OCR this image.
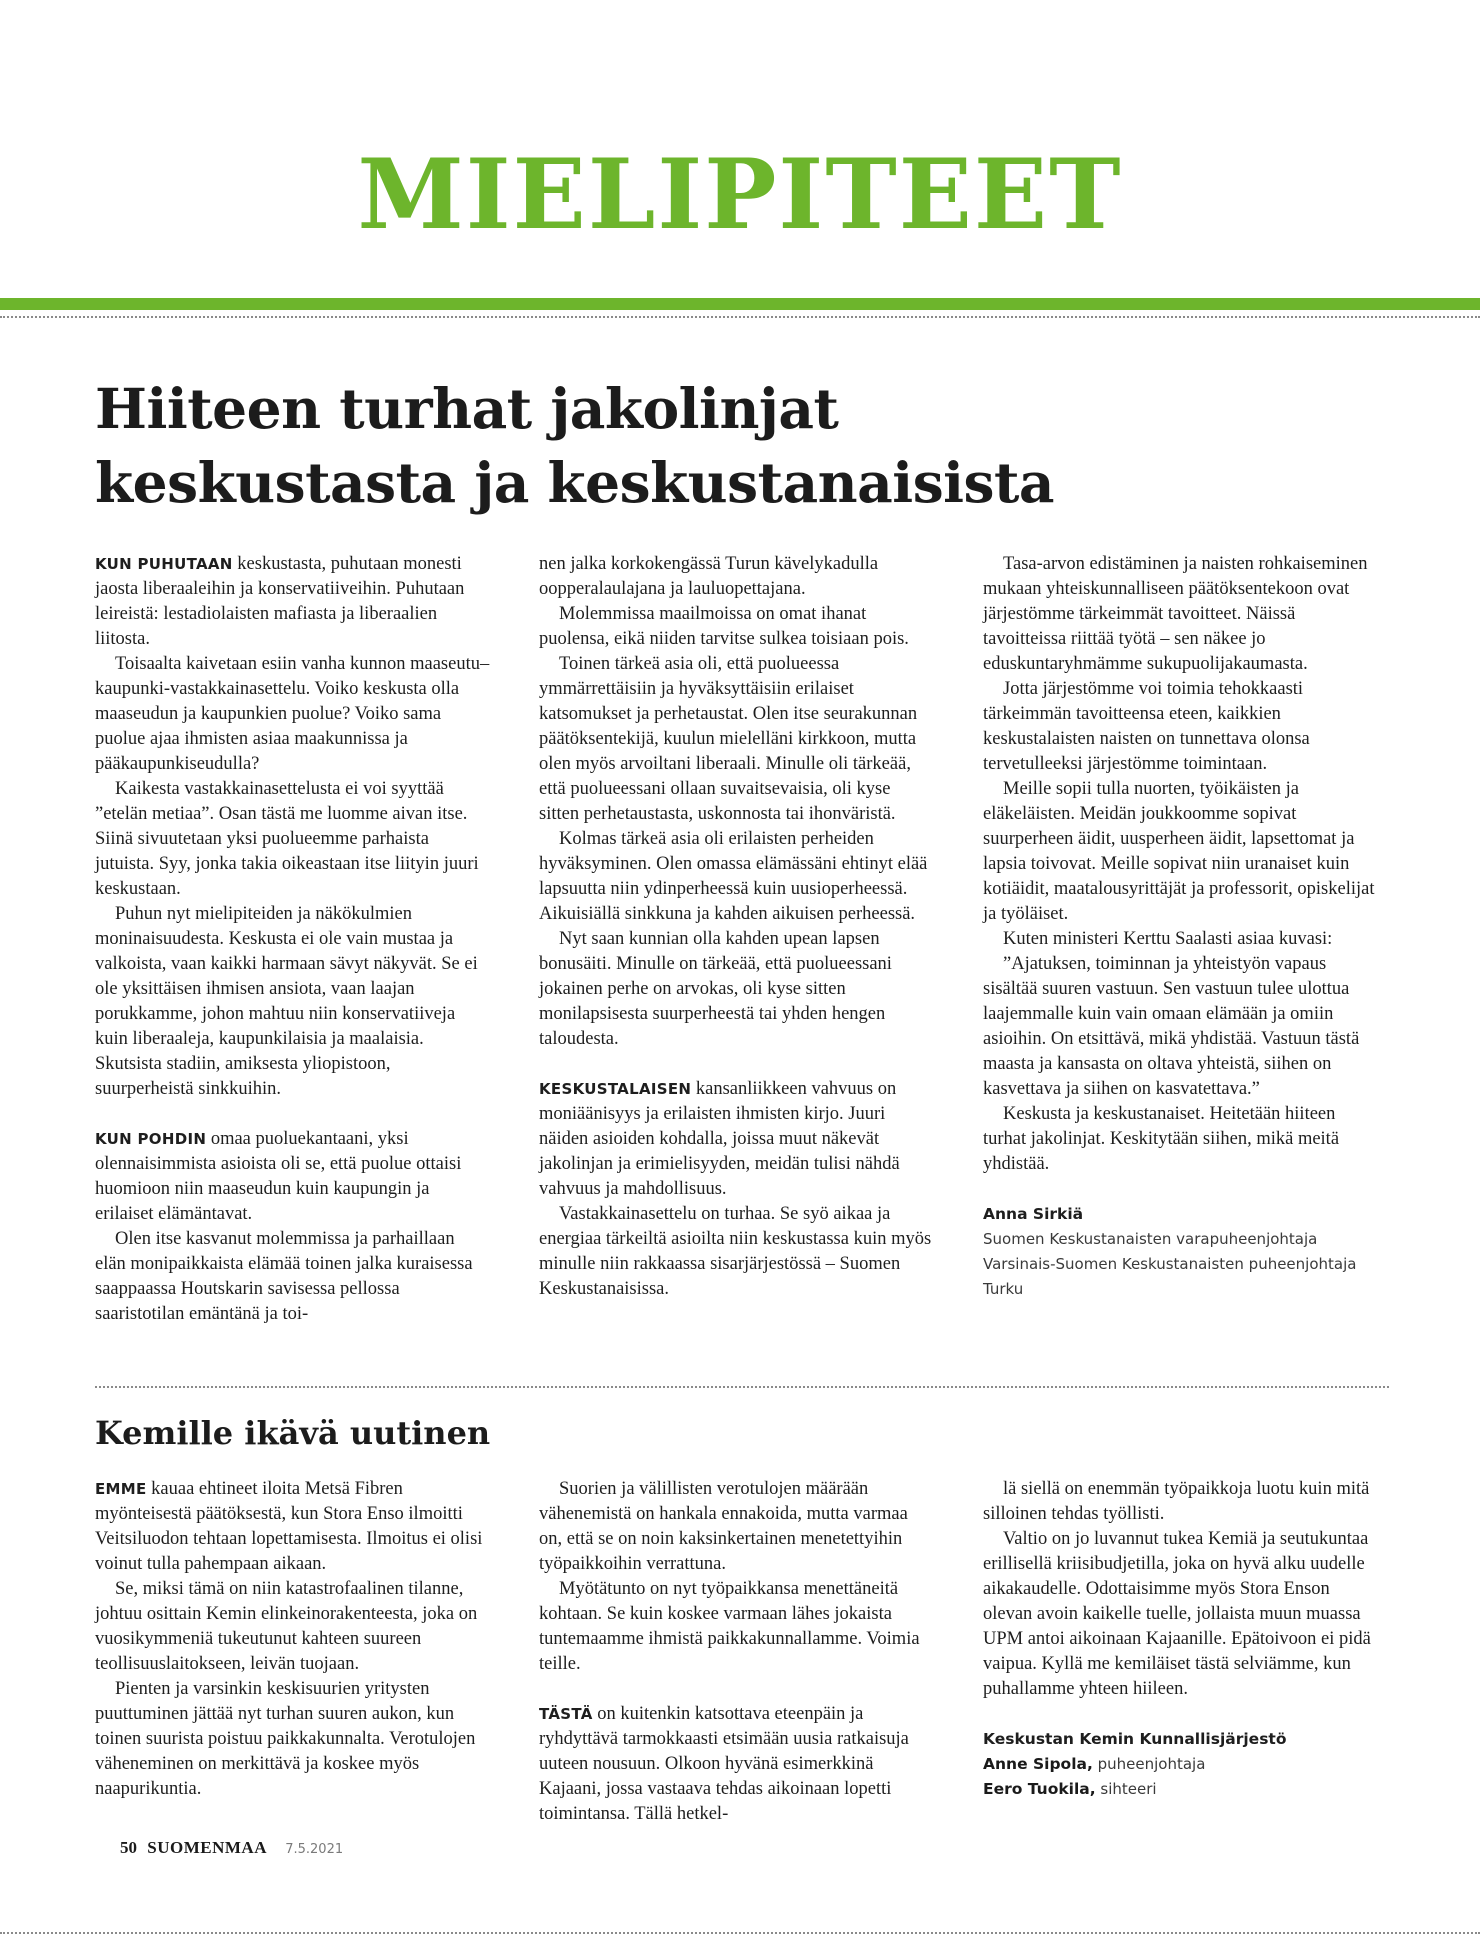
MIELIPITEET
Hiiteen turhat jakolinjat
keskustasta ja keskustanaisista

KUN PUHUTAAN keskustasta, puhutaan monesti jaosta liberaaleihin ja konservatiiveihin. Puhutaan leireistä: lestadiolaisten mafiasta ja liberaalien liitosta.

Toisaalta kaivetaan esiin vanha kunnon maaseutu–kaupunki-vastakkainasettelu. Voiko keskusta olla maaseudun ja kaupunkien puolue? Voiko sama puolue ajaa ihmisten asiaa maakunnissa ja pääkaupunkiseudulla?

Kaikesta vastakkainasettelusta ei voi syyttää ”etelän metiaa”. Osan tästä me luomme aivan itse. Siinä sivuutetaan yksi puolueemme parhaista jutuista. Syy, jonka takia oikeastaan itse liityin juuri keskustaan.

Puhun nyt mielipiteiden ja näkökulmien moninaisuudesta. Keskusta ei ole vain mustaa ja valkoista, vaan kaikki harmaan sävyt näkyvät. Se ei ole yksittäisen ihmisen ansiota, vaan laajan porukkamme, johon mahtuu niin konservatiiveja kuin liberaaleja, kaupunkilaisia ja maalaisia. Skutsista stadiin, amiksesta yliopistoon, suurperheistä sinkkuihin.

KUN POHDIN omaa puoluekantaani, yksi olennaisimmista asioista oli se, että puolue ottaisi huomioon niin maaseudun kuin kaupungin ja erilaiset elämäntavat.

Olen itse kasvanut molemmissa ja parhaillaan elän monipaikkaista elämää toinen jalka kuraisessa saappaassa Houtskarin savisessa pellossa saaristotilan emäntänä ja toi-

nen jalka korkokengässä Turun kävelykadulla oopperalaulajana ja lauluopettajana.

Molemmissa maailmoissa on omat ihanat puolensa, eikä niiden tarvitse sulkea toisiaan pois.

Toinen tärkeä asia oli, että puolueessa ymmärrettäisiin ja hyväksyttäisiin erilaiset katsomukset ja perhetaustat. Olen itse seurakunnan päätöksentekijä, kuulun mielelläni kirkkoon, mutta olen myös arvoiltani liberaali. Minulle oli tärkeää, että puolueessani ollaan suvaitsevaisia, oli kyse sitten perhetaustasta, uskonnosta tai ihonväristä.

Kolmas tärkeä asia oli erilaisten perheiden hyväksyminen. Olen omassa elämässäni ehtinyt elää lapsuutta niin ydinperheessä kuin uusioperheessä. Aikuisiällä sinkkuna ja kahden aikuisen perheessä.

Nyt saan kunnian olla kahden upean lapsen bonusäiti. Minulle on tärkeää, että puolueessani jokainen perhe on arvokas, oli kyse sitten monilapsisesta suurperheestä tai yhden hengen taloudesta.

KESKUSTALAISEN kansanliikkeen vahvuus on moniäänisyys ja erilaisten ihmisten kirjo. Juuri näiden asioiden kohdalla, joissa muut näkevät jakolinjan ja erimielisyyden, meidän tulisi nähdä vahvuus ja mahdollisuus.

Vastakkainasettelu on turhaa. Se syö aikaa ja energiaa tärkeiltä asioilta niin keskustassa kuin myös minulle niin rakkaassa sisarjärjestössä – Suomen Keskustanaisissa.

Tasa-arvon edistäminen ja naisten rohkaiseminen mukaan yhteiskunnalliseen päätöksentekoon ovat järjestömme tärkeimmät tavoitteet. Näissä tavoitteissa riittää työtä – sen näkee jo eduskuntaryhmämme sukupuolijakaumasta.

Jotta järjestömme voi toimia tehokkaasti tärkeimmän tavoitteensa eteen, kaikkien keskustalaisten naisten on tunnettava olonsa tervetulleeksi järjestömme toimintaan.

Meille sopii tulla nuorten, työikäisten ja eläkeläisten. Meidän joukkoomme sopivat suurperheen äidit, uusperheen äidit, lapsettomat ja lapsia toivovat. Meille sopivat niin uranaiset kuin kotiäidit, maatalousyrittäjät ja professorit, opiskelijat ja työläiset.

Kuten ministeri Kerttu Saalasti asiaa kuvasi:

”Ajatuksen, toiminnan ja yhteistyön vapaus sisältää suuren vastuun. Sen vastuun tulee ulottua laajemmalle kuin vain omaan elämään ja omiin asioihin. On etsittävä, mikä yhdistää. Vastuun tästä maasta ja kansasta on oltava yhteistä, siihen on kasvettava ja siihen on kasvatettava.”

Keskusta ja keskustanaiset. Heitetään hiiteen turhat jakolinjat. Keskitytään siihen, mikä meitä yhdistää.

Anna Sirkiä
Suomen Keskustanaisten varapuheenjohtaja
Varsinais-Suomen Keskustanaisten puheenjohtaja
Turku
Kemille ikävä uutinen

EMME kauaa ehtineet iloita Metsä Fibren myönteisestä päätöksestä, kun Stora Enso ilmoitti Veitsiluodon tehtaan lopettamisesta. Ilmoitus ei olisi voinut tulla pahempaan aikaan.

Se, miksi tämä on niin katastrofaalinen tilanne, johtuu osittain Kemin elinkeinorakenteesta, joka on vuosikymmeniä tukeutunut kahteen suureen teollisuuslaitokseen, leivän tuojaan.

Pienten ja varsinkin keskisuurien yritysten puuttuminen jättää nyt turhan suuren aukon, kun toinen suurista poistuu paikkakunnalta. Verotulojen väheneminen on merkittävä ja koskee myös naapurikuntia.

Suorien ja välillisten verotulojen määrään vähenemistä on hankala ennakoida, mutta varmaa on, että se on noin kaksinkertainen menetettyihin työpaikkoihin verrattuna.

Myötätunto on nyt työpaikkansa menettäneitä kohtaan. Se kuin koskee varmaan lähes jokaista tuntemaamme ihmistä paikkakunnallamme. Voimia teille.

TÄSTÄ on kuitenkin katsottava eteenpäin ja ryhdyttävä tarmokkaasti etsimään uusia ratkaisuja uuteen nousuun. Olkoon hyvänä esimerkkinä Kajaani, jossa vastaava tehdas aikoinaan lopetti toimintansa. Tällä hetkel-

lä siellä on enemmän työpaikkoja luotu kuin mitä silloinen tehdas työllisti.

Valtio on jo luvannut tukea Kemiä ja seutukuntaa erillisellä kriisibudjetilla, joka on hyvä alku uudelle aikakaudelle. Odottaisimme myös Stora Enson olevan avoin kaikelle tuelle, jollaista muun muassa UPM antoi aikoinaan Kajaanille. Epätoivoon ei pidä vaipua. Kyllä me kemiläiset tästä selviämme, kun puhallamme yhteen hiileen.

Keskustan Kemin Kunnallisjärjestö
Anne Sipola, puheenjohtaja
Eero Tuokila, sihteeri
50 SUOMENMAA 7.5.2021
